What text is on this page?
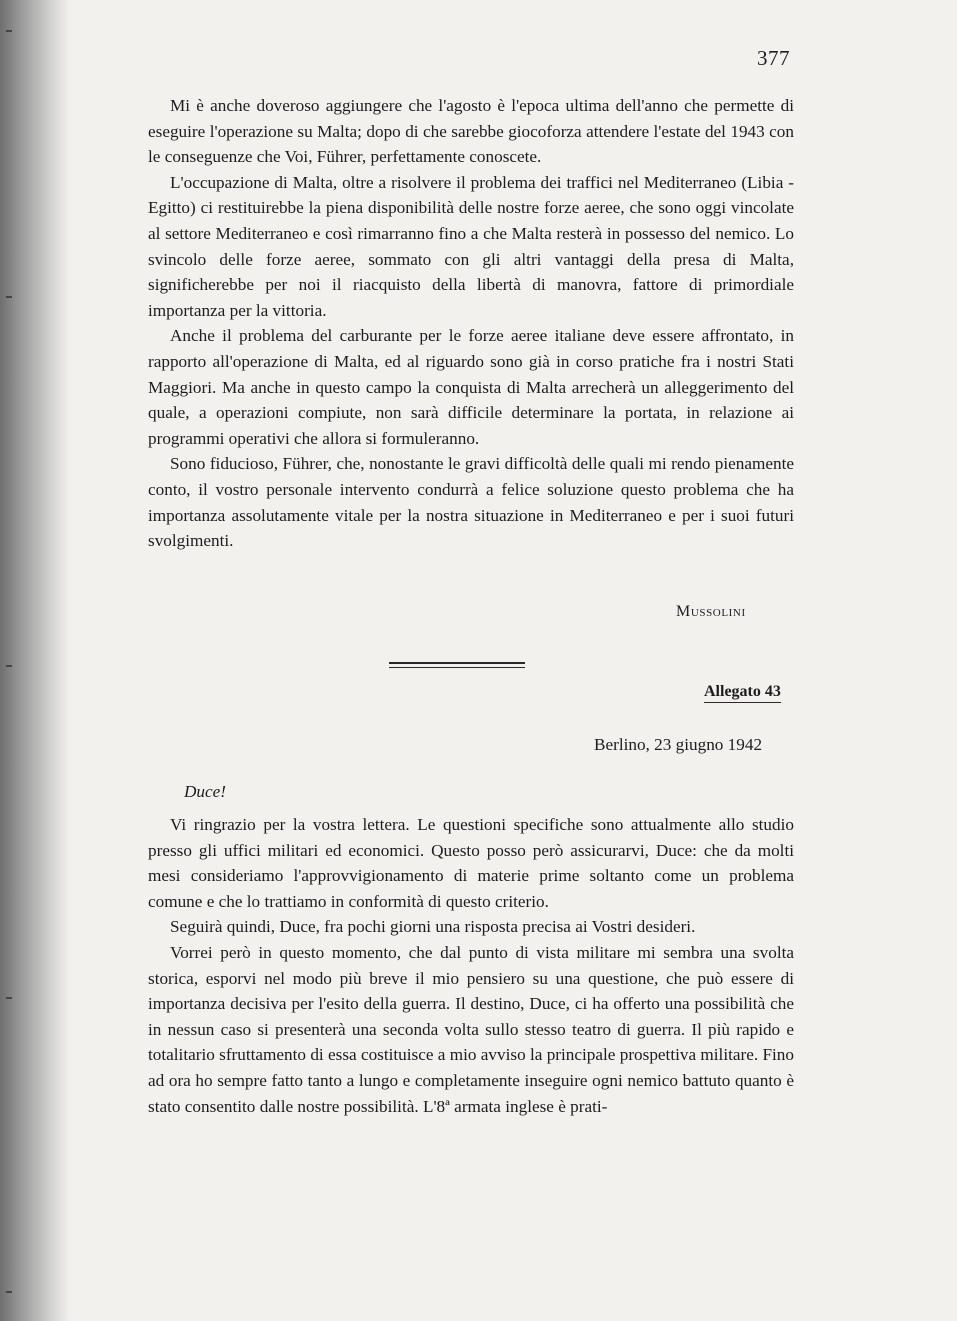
377

Mi è anche doveroso aggiungere che l'agosto è l'epoca ultima dell'anno che permette di eseguire l'operazione su Malta; dopo di che sarebbe giocoforza attendere l'estate del 1943 con le conseguenze che Voi, Führer, perfettamente conoscete.

L'occupazione di Malta, oltre a risolvere il problema dei traffici nel Mediterraneo (Libia - Egitto) ci restituirebbe la piena disponibilità delle nostre forze aeree, che sono oggi vincolate al settore Mediterraneo e così rimarranno fino a che Malta resterà in possesso del nemico. Lo svincolo delle forze aeree, sommato con gli altri vantaggi della presa di Malta, significherebbe per noi il riacquisto della libertà di manovra, fattore di primordiale importanza per la vittoria.

Anche il problema del carburante per le forze aeree italiane deve essere affrontato, in rapporto all'operazione di Malta, ed al riguardo sono già in corso pratiche fra i nostri Stati Maggiori. Ma anche in questo campo la conquista di Malta arrecherà un alleggerimento del quale, a operazioni compiute, non sarà difficile determinare la portata, in relazione ai programmi operativi che allora si formuleranno.

Sono fiducioso, Führer, che, nonostante le gravi difficoltà delle quali mi rendo pienamente conto, il vostro personale intervento condurrà a felice soluzione questo problema che ha importanza assolutamente vitale per la nostra situazione in Mediterraneo e per i suoi futuri svolgimenti.

Mussolini
Allegato 43
Berlino, 23 giugno 1942
Duce!

Vi ringrazio per la vostra lettera. Le questioni specifiche sono attualmente allo studio presso gli uffici militari ed economici. Questo posso però assicurarvi, Duce: che da molti mesi consideriamo l'approvvigionamento di materie prime soltanto come un problema comune e che lo trattiamo in conformità di questo criterio.

Seguirà quindi, Duce, fra pochi giorni una risposta precisa ai Vostri desideri.

Vorrei però in questo momento, che dal punto di vista militare mi sembra una svolta storica, esporvi nel modo più breve il mio pensiero su una questione, che può essere di importanza decisiva per l'esito della guerra. Il destino, Duce, ci ha offerto una possibilità che in nessun caso si presenterà una seconda volta sullo stesso teatro di guerra. Il più rapido e totalitario sfruttamento di essa costituisce a mio avviso la principale prospettiva militare. Fino ad ora ho sempre fatto tanto a lungo e completamente inseguire ogni nemico battuto quanto è stato consentito dalle nostre possibilità. L'8ª armata inglese è prati-
